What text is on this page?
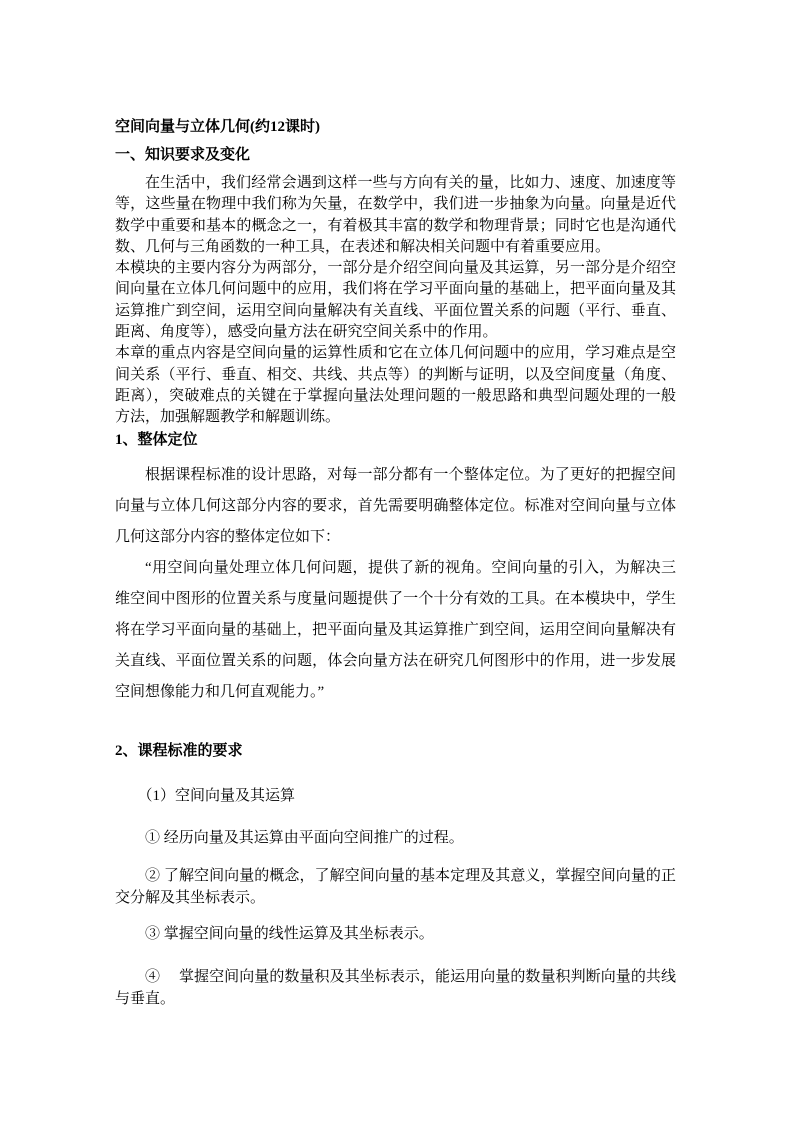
空间向量与立体几何(约12课时)

一、知识要求及变化

在生活中，我们经常会遇到这样一些与方向有关的量，比如力、速度、加速度等等，这些量在物理中我们称为矢量，在数学中，我们进一步抽象为向量。向量是近代数学中重要和基本的概念之一，有着极其丰富的数学和物理背景；同时它也是沟通代数、几何与三角函数的一种工具，在表述和解决相关问题中有着重要应用。

本模块的主要内容分为两部分，一部分是介绍空间向量及其运算，另一部分是介绍空间向量在立体几何问题中的应用，我们将在学习平面向量的基础上，把平面向量及其运算推广到空间，运用空间向量解决有关直线、平面位置关系的问题（平行、垂直、距离、角度等），感受向量方法在研究空间关系中的作用。

本章的重点内容是空间向量的运算性质和它在立体几何问题中的应用，学习难点是空间关系（平行、垂直、相交、共线、共点等）的判断与证明，以及空间度量（角度、距离），突破难点的关键在于掌握向量法处理问题的一般思路和典型问题处理的一般方法，加强解题教学和解题训练。

1、整体定位

根据课程标准的设计思路，对每一部分都有一个整体定位。为了更好的把握空间向量与立体几何这部分内容的要求，首先需要明确整体定位。标准对空间向量与立体几何这部分内容的整体定位如下：

“用空间向量处理立体几何问题，提供了新的视角。空间向量的引入，为解决三维空间中图形的位置关系与度量问题提供了一个十分有效的工具。在本模块中，学生将在学习平面向量的基础上，把平面向量及其运算推广到空间，运用空间向量解决有关直线、平面位置关系的问题，体会向量方法在研究几何图形中的作用，进一步发展空间想像能力和几何直观能力。”

2、课程标准的要求

（1）空间向量及其运算

① 经历向量及其运算由平面向空间推广的过程。

② 了解空间向量的概念，了解空间向量的基本定理及其意义，掌握空间向量的正交分解及其坐标表示。

③ 掌握空间向量的线性运算及其坐标表示。

④　 掌握空间向量的数量积及其坐标表示，能运用向量的数量积判断向量的共线与垂直。
